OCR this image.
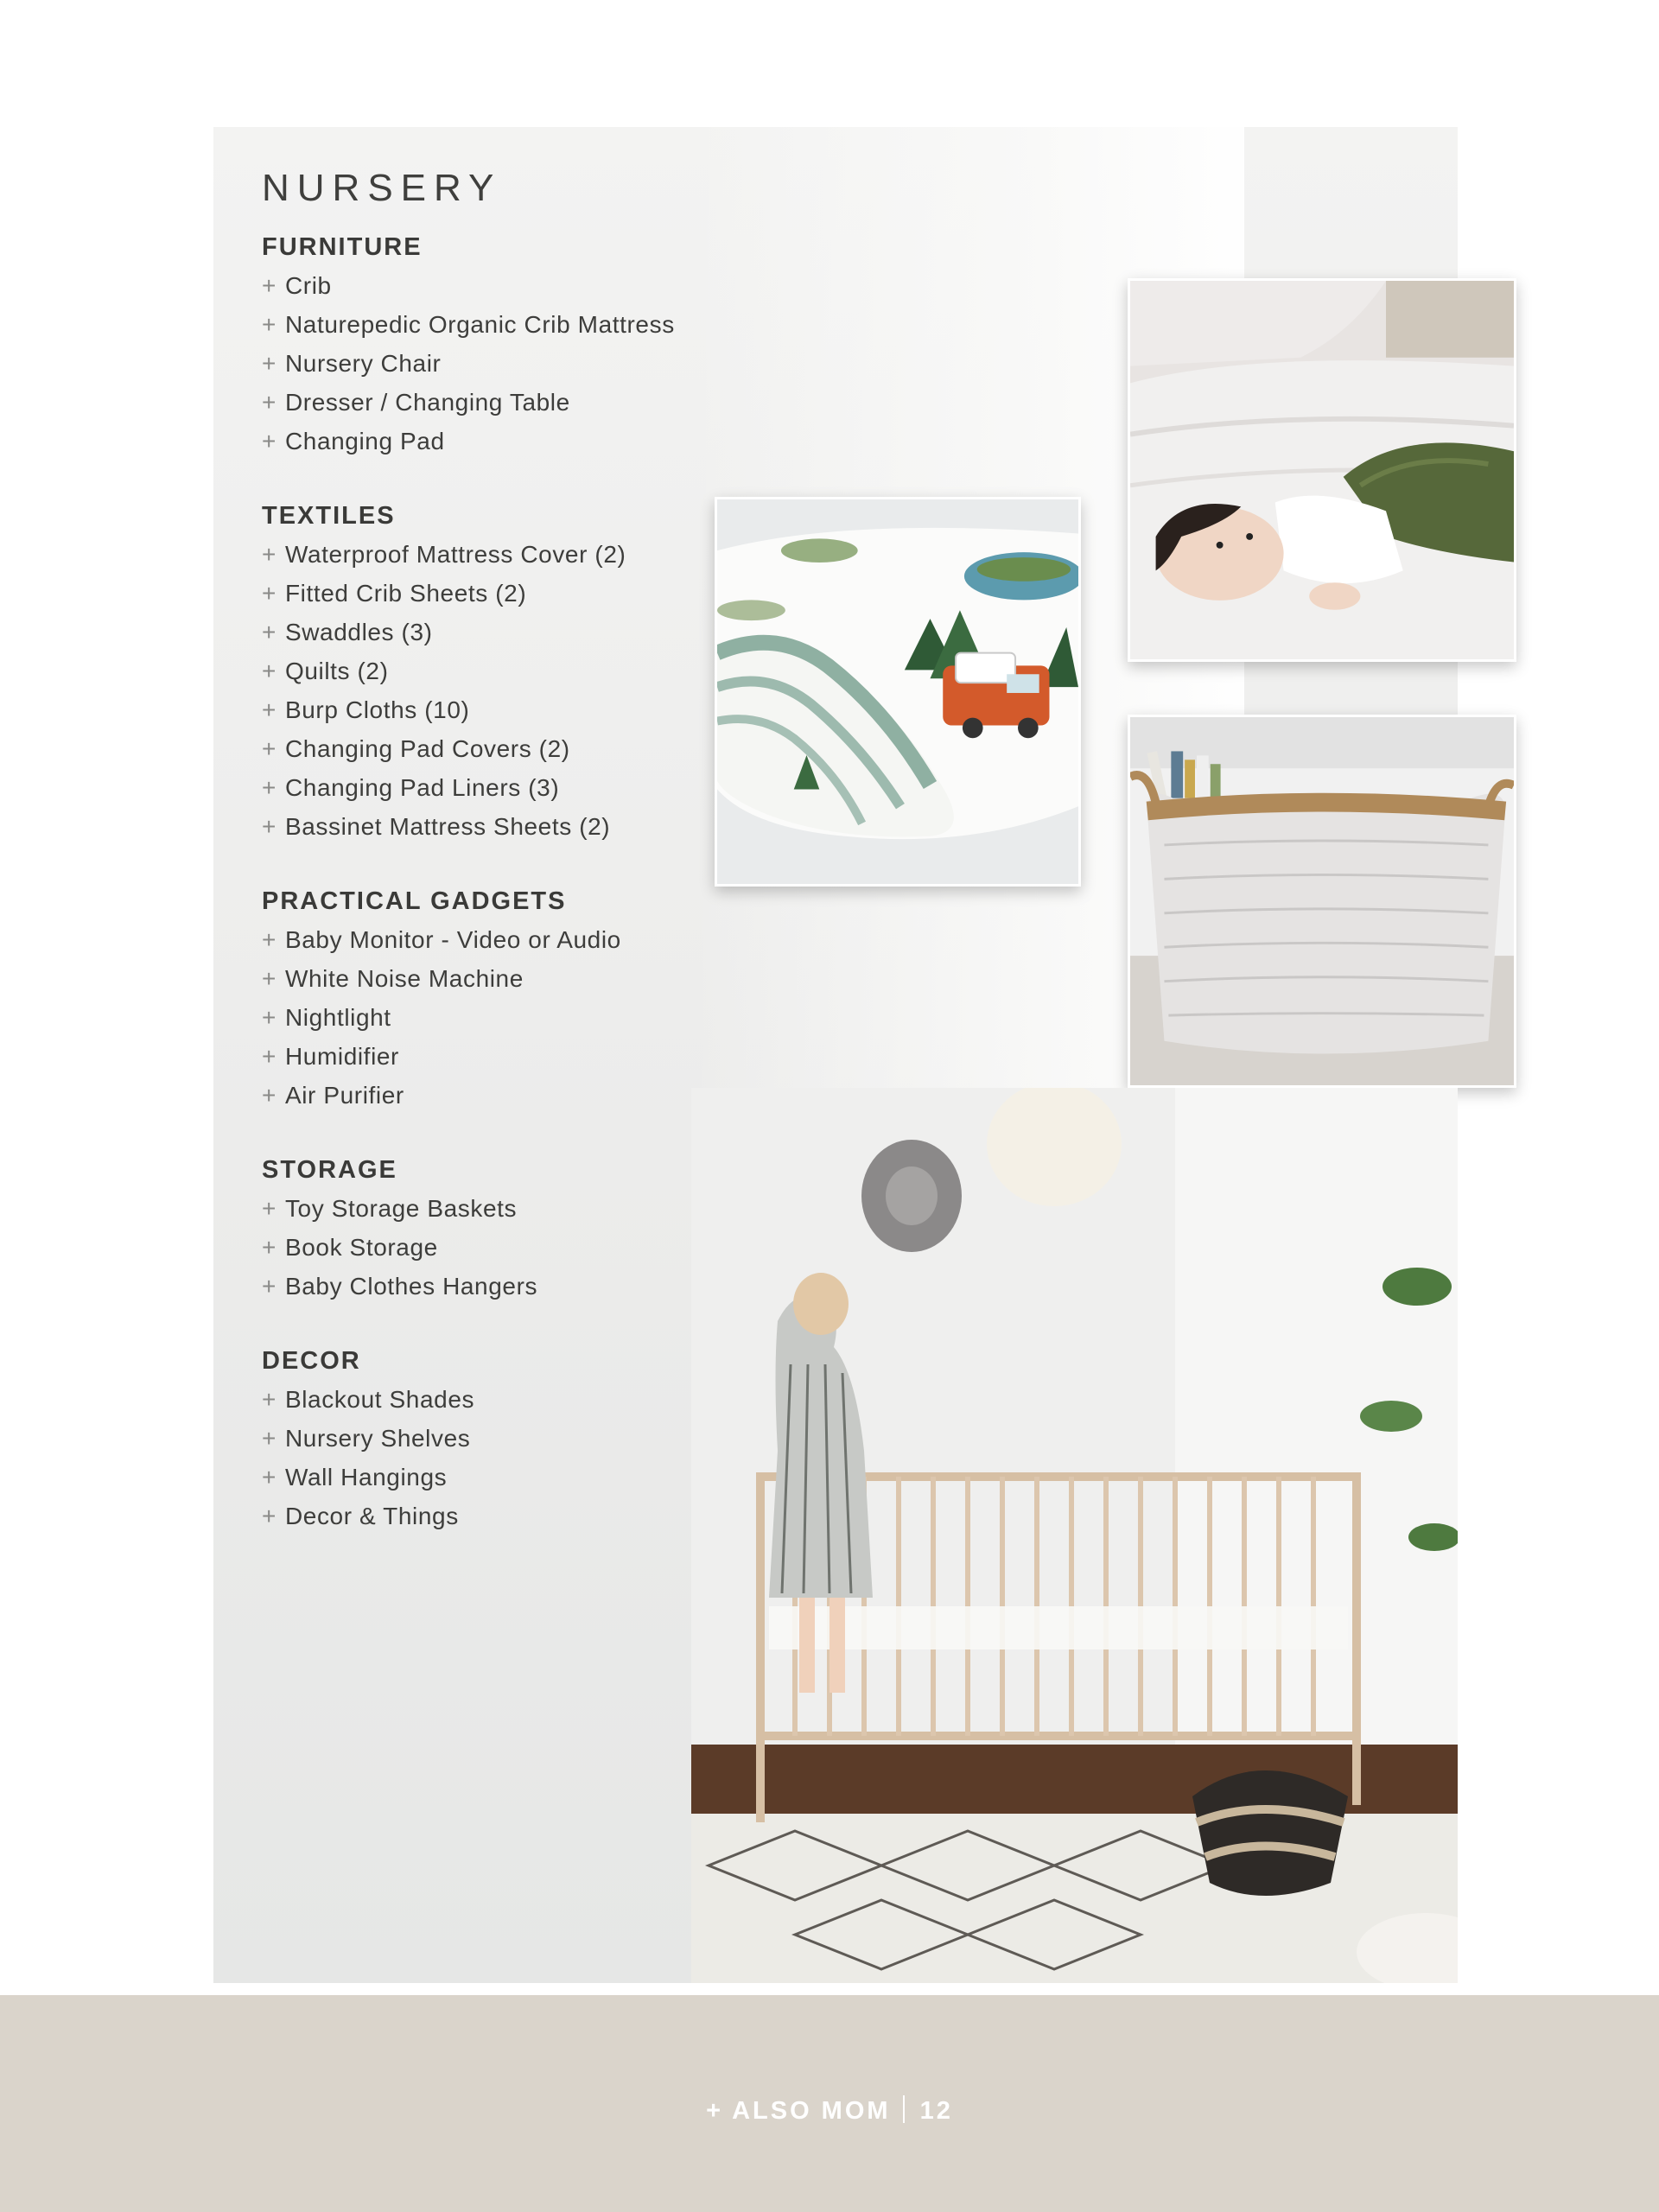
NURSERY
FURNITURE
+ Crib
+ Naturepedic Organic Crib Mattress
+ Nursery Chair
+ Dresser / Changing Table
+ Changing Pad
TEXTILES
+ Waterproof Mattress Cover (2)
+ Fitted Crib Sheets (2)
+ Swaddles (3)
+ Quilts (2)
+ Burp Cloths (10)
+ Changing Pad Covers (2)
+ Changing Pad Liners (3)
+ Bassinet Mattress Sheets (2)
PRACTICAL GADGETS
+ Baby Monitor - Video or Audio
+ White Noise Machine
+ Nightlight
+ Humidifier
+ Air Purifier
STORAGE
+ Toy Storage Baskets
+ Book Storage
+ Baby Clothes Hangers
DECOR
+ Blackout Shades
+ Nursery Shelves
+ Wall Hangings
+ Decor & Things
+ ALSO MOM 12
